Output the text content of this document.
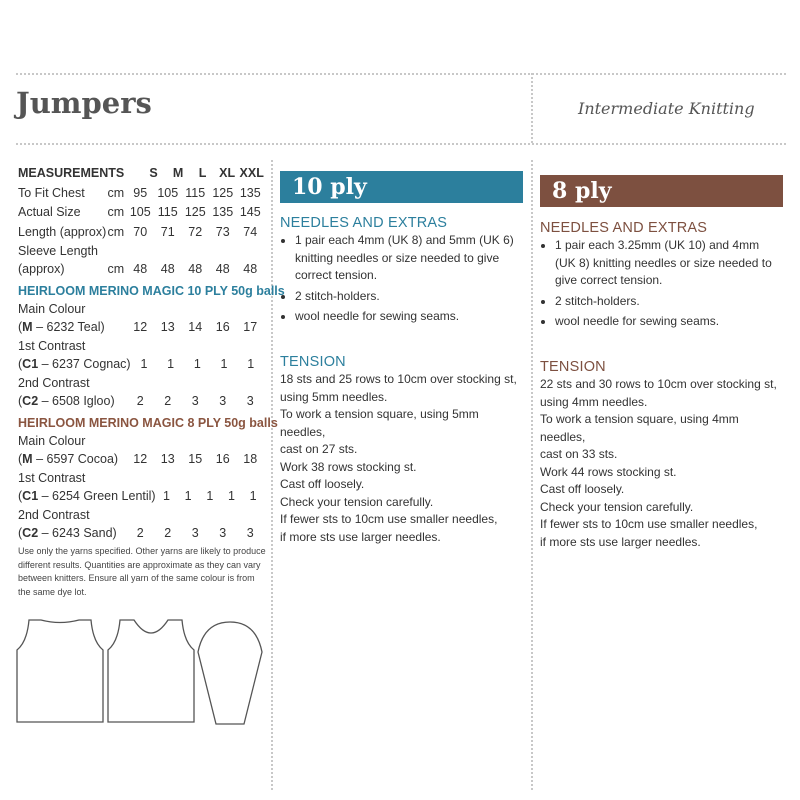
Jumpers	Intermediate Knitting
MEASUREMENTS	S	M	L	XL XXL
To Fit Chest	cm 95 105 115 125 135
Actual Size	cm 105 115 125 135 145
Length (approx) cm 70	71	72	73	74
Sleeve Length
(approx)	cm 48	48	48	48	48
HEIRLOOM MERINO MAGIC 10 PLY 50g balls
Main Colour
(M – 6232 Teal)	12	13	14	16	17
1st Contrast
(C1 – 6237 Cognac) 1	1	1	1	1
2nd Contrast
(C2 – 6508 Igloo)	2	2	3	3	3
HEIRLOOM MERINO MAGIC 8 PLY 50g balls
Main Colour
(M – 6597 Cocoa)	12	13	15	16	18
1st Contrast
(C1 – 6254 Green Lentil) 1	1	1	1	1
2nd Contrast
(C2 – 6243 Sand)	2	2	3	3	3
Use only the yarns specified. Other yarns are likely to produce different results. Quantities are approximate as they can vary between knitters. Ensure all yarn of the same colour is from the same dye lot.
10 ply
NEEDLES AND EXTRAS
• 1 pair each 4mm (UK 8) and 5mm (UK 6)
knitting needles or size needed to give
correct tension.
• 2 stitch-holders.
• wool needle for sewing seams.
TENSION

18 sts and 25 rows to 10cm over stocking st,

using 5mm needles.

To work a tension square, using 5mm needles,

cast on 27 sts.

Work 38 rows stocking st.

Cast off loosely.

Check your tension carefully.

If fewer sts to 10cm use smaller needles,

if more sts use larger needles.

8 ply
NEEDLES AND EXTRAS
• 1 pair each 3.25mm (UK 10) and 4mm
(UK 8) knitting needles or size needed to
give correct tension.
• 2 stitch-holders.
• wool needle for sewing seams.
TENSION

22 sts and 30 rows to 10cm over stocking st,

using 4mm needles.

To work a tension square, using 4mm needles,

cast on 33 sts.

Work 44 rows stocking st.

Cast off loosely.

Check your tension carefully.

If fewer sts to 10cm use smaller needles,

if more sts use larger needles.
